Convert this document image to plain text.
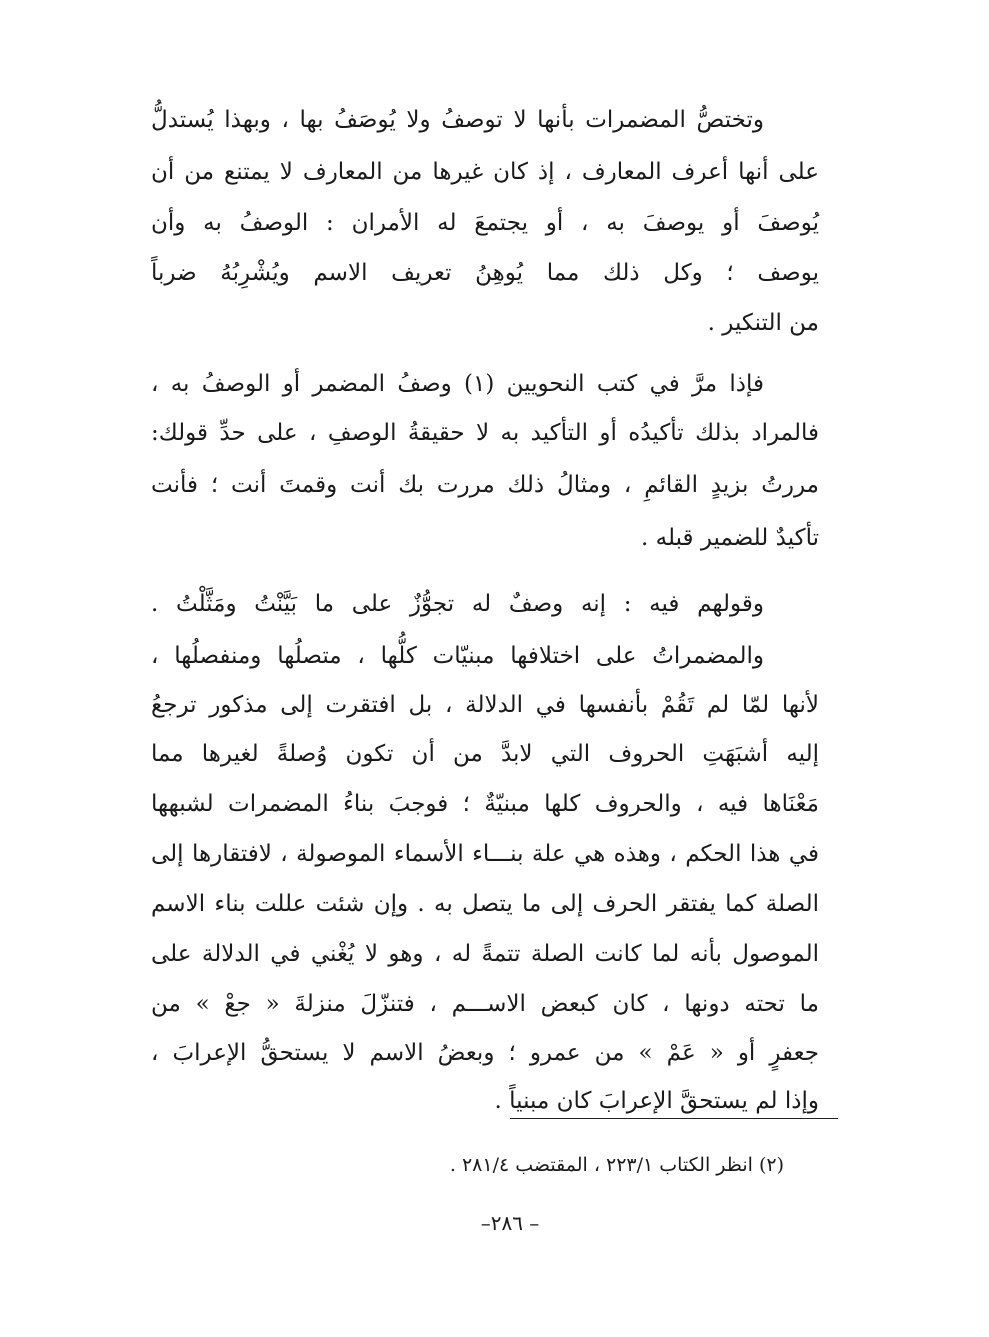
وتختصُّ المضمرات بأنها لا توصفُ ولا يُوصَفُ بها ، وبهذا يُستدلُّ
على أنها أعرف المعارف ، إذ كان غيرها من المعارف لا يمتنع من أن
يُوصفَ أو يوصفَ به ، أو يجتمعَ له الأمران : الوصفُ به وأن
يوصف ؛ وكل ذلك مما يُوهِنُ تعريف الاسم ويُشْرِبُهُ ضرباً
من التنكير .
فإذا مرَّ في كتب النحويين (١) وصفُ المضمر أو الوصفُ به ،
فالمراد بذلك تأكيدُه أو التأكيد به لا حقيقةُ الوصفِ ، على حدِّ قولك:
مررتُ بزيدٍ القائمِ ، ومثالُ ذلك مررت بك أنت وقمتَ أنت ؛ فأنت
تأكيدٌ للضمير قبله .
وقولهم فيه : إنه وصفٌ له تجوُّزٌ على ما بَيَّنْتُ ومَثَّلْتُ .
والمضمراتُ على اختلافها مبنيّات كلُّها ، متصلُها ومنفصلُها ،
لأنها لمّا لم تَقُمْ بأنفسها في الدلالة ، بل افتقرت إلى مذكور ترجعُ
إليه أشبَهَتِ الحروف التي لابدَّ من أن تكون وُصلةً لغيرها مما
مَعْنَاها فيه ، والحروف كلها مبنيّةٌ ؛ فوجبَ بناءُ المضمرات لشبهها
في هذا الحكم ، وهذه هي علة بنـــاء الأسماء الموصولة ، لافتقارها إلى
الصلة كما يفتقر الحرف إلى ما يتصل به . وإن شئت عللت بناء الاسم
الموصول بأنه لما كانت الصلة تتمةً له ، وهو لا يُغْني في الدلالة على
ما تحته دونها ، كان كبعض الاســـم ، فتنزّلَ منزلةَ « جعْ » من
جعفرٍ أو « عَمْ » من عمرو ؛ وبعضُ الاسم لا يستحقُّ الإعرابَ ،
وإذا لم يستحقَّ الإعرابَ كان مبنياً .
(٢) انظر الكتاب ٢٢٣/١ ، المقتضب ٢٨١/٤ .
–٢٨٦ –
